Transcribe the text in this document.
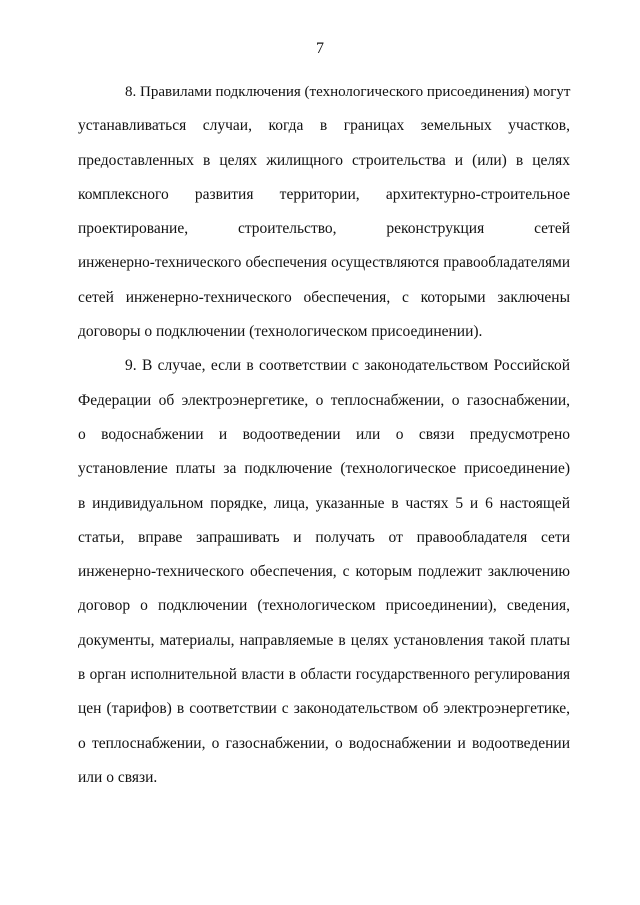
7

8. Правилами подключения (технологического присоединения) могут
устанавливаться случаи, когда в границах земельных участков,
предоставленных в целях жилищного строительства и (или) в целях
комплексного развития территории, архитектурно-строительное
проектирование, строительство, реконструкция сетей
инженерно-технического обеспечения осуществляются правообладателями
сетей инженерно-технического обеспечения, с которыми заключены
договоры о подключении (технологическом присоединении).

9. В случае, если в соответствии с законодательством Российской
Федерации об электроэнергетике, о теплоснабжении, о газоснабжении,
о водоснабжении и водоотведении или о связи предусмотрено
установление платы за подключение (технологическое присоединение)
в индивидуальном порядке, лица, указанные в частях 5 и 6 настоящей
статьи, вправе запрашивать и получать от правообладателя сети
инженерно-технического обеспечения, с которым подлежит заключению
договор о подключении (технологическом присоединении), сведения,
документы, материалы, направляемые в целях установления такой платы
в орган исполнительной власти в области государственного регулирования
цен (тарифов) в соответствии с законодательством об электроэнергетике,
о теплоснабжении, о газоснабжении, о водоснабжении и водоотведении
или о связи.
